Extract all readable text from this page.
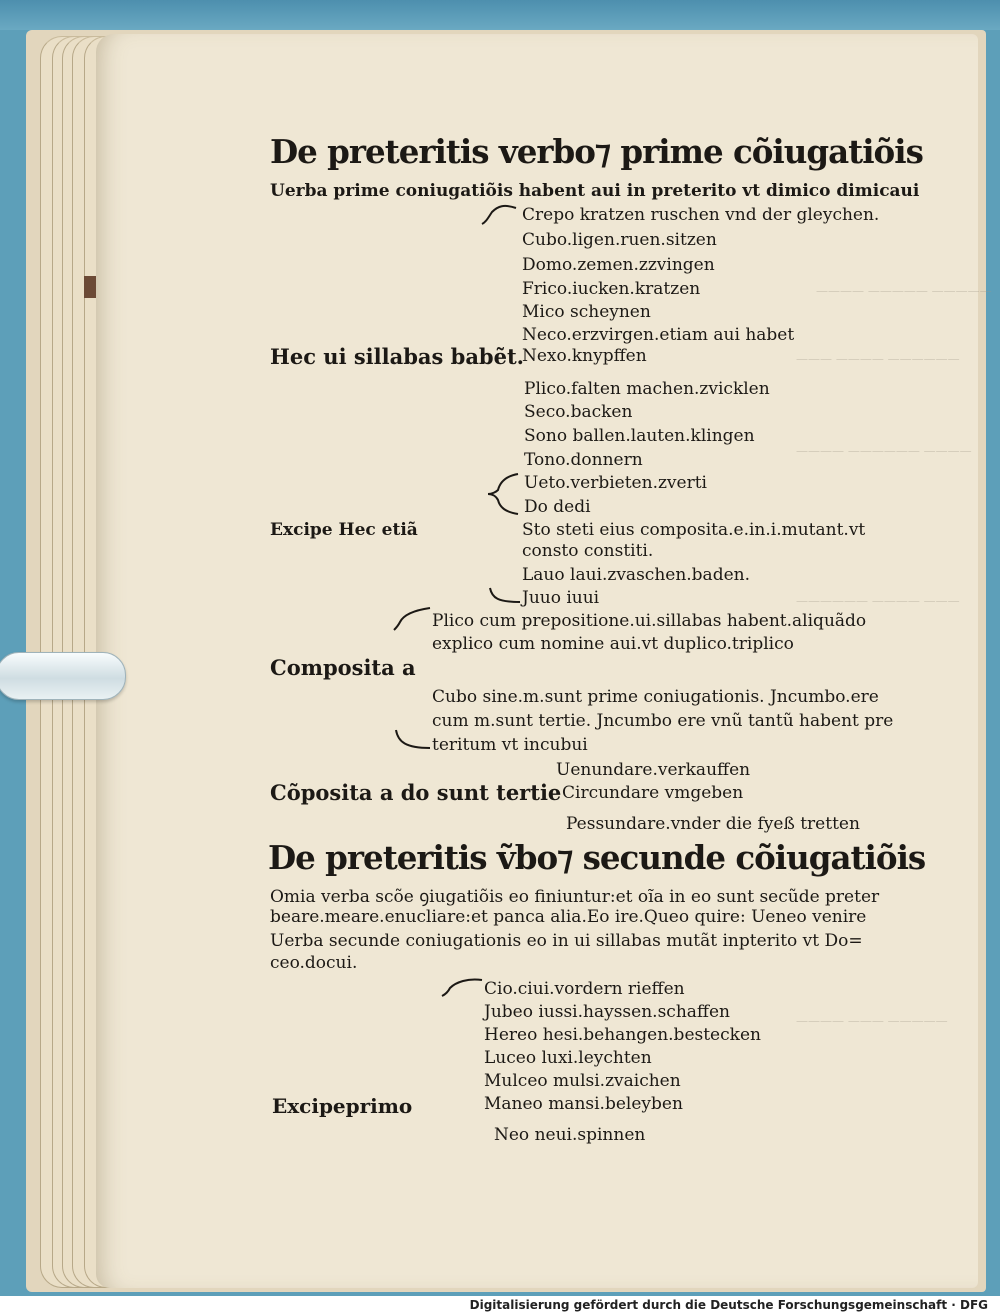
———— ————— —————
——— ———— ——————
———— —————— ————
—————— ———— ———
———— ——— —————

De preteritis verbo⁊ prime cõiugatiõis

Uerba prime coniugatiõis habent aui in preterito vt dimico dimicaui

Crepo kratzen ruschen vnd der gleychen.

Cubo.ligen.ruen.sitzen

Domo.zemen.zzvingen

Frico.iucken.kratzen

Mico scheynen

Neco.erzvirgen.etiam aui habet

Hec ui sillabas babẽt.

Nexo.knypffen

Plico.falten machen.zvicklen

Seco.backen

Sono ballen.lauten.klingen

Tono.donnern

Ueto.verbieten.zverti

Do dedi

Excipe Hec etiã	Sto steti eius composita.e.in.i.mutant.vt

consto constiti.

Lauo laui.zvaschen.baden.

Juuo iuui

Plico cum prepositione.ui.sillabas habent.aliquãdo

explico cum nomine aui.vt duplico.triplico

Composita a

Cubo sine.m.sunt prime coniugationis. Jncumbo.ere

cum m.sunt tertie. Jncumbo ere vnũ tantũ habent pre

teritum vt incubui

Uenundare.verkauffen

Cõposita a do sunt tertie Circundare vmgeben

Pessundare.vnder die fyeß tretten

De preteritis ṽbo⁊ secunde cõiugatiõis

Omia verba scõe ꝯiugatiõis eo finiuntur:et oĩa in eo sunt secũde preter

beare.meare.enucliare:et panca alia.Eo ire.Queo quire: Ueneo venire

Uerba secunde coniugationis eo in ui sillabas mutãt inpterito vt Do=

ceo.docui.

Cio.ciui.vordern rieffen

Jubeo iussi.hayssen.schaffen

Hereo hesi.behangen.bestecken

Luceo luxi.leychten

Mulceo mulsi.zvaichen

Excipeprimo	Maneo mansi.beleyben

Neo neui.spinnen

Digitalisierung gefördert durch die Deutsche Forschungsgemeinschaft · DFG
